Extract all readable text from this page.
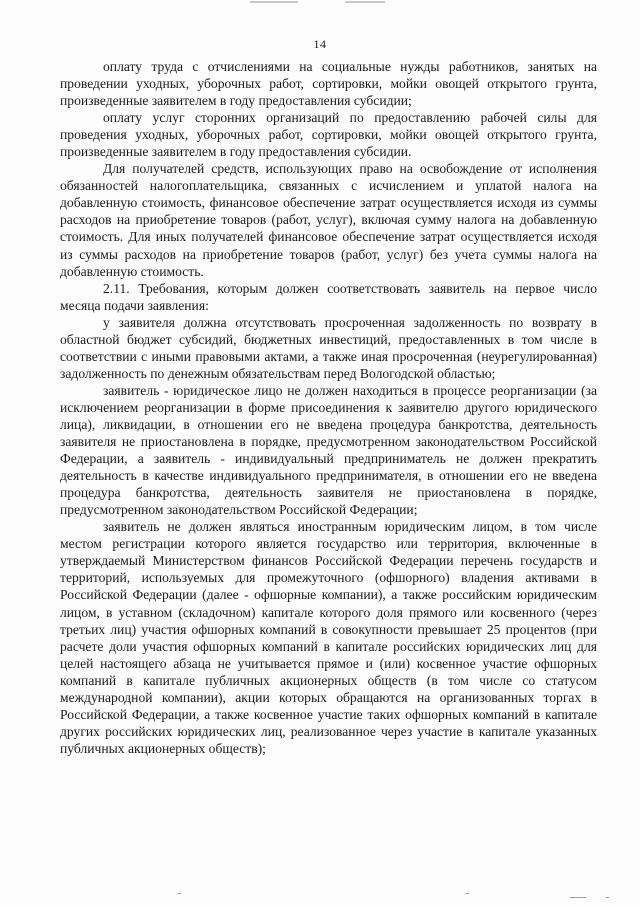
14

оплату труда с отчислениями на социальные нужды работников, занятых на проведении уходных, уборочных работ, сортировки, мойки овощей открытого грунта, произведенные заявителем в году предоставления субсидии;

оплату услуг сторонних организаций по предоставлению рабочей силы для проведения уходных, уборочных работ, сортировки, мойки овощей открытого грунта, произведенные заявителем в году предоставления субсидии.

Для получателей средств, использующих право на освобождение от исполнения обязанностей налогоплательщика, связанных с исчислением и уплатой налога на добавленную стоимость, финансовое обеспечение затрат осуществляется исходя из суммы расходов на приобретение товаров (работ, услуг), включая сумму налога на добавленную стоимость. Для иных получателей финансовое обеспечение затрат осуществляется исходя из суммы расходов на приобретение товаров (работ, услуг) без учета суммы налога на добавленную стоимость.

2.11. Требования, которым должен соответствовать заявитель на первое число месяца подачи заявления:

у заявителя должна отсутствовать просроченная задолженность по возврату в областной бюджет субсидий, бюджетных инвестиций, предоставленных в том числе в соответствии с иными правовыми актами, а также иная просроченная (неурегулированная) задолженность по денежным обязательствам перед Вологодской областью;

заявитель - юридическое лицо не должен находиться в процессе реорганизации (за исключением реорганизации в форме присоединения к заявителю другого юридического лица), ликвидации, в отношении его не введена процедура банкротства, деятельность заявителя не приостановлена в порядке, предусмотренном законодательством Российской Федерации, а заявитель - индивидуальный предприниматель не должен прекратить деятельность в качестве индивидуального предпринимателя, в отношении его не введена процедура банкротства, деятельность заявителя не приостановлена в порядке, предусмотренном законодательством Российской Федерации;

заявитель не должен являться иностранным юридическим лицом, в том числе местом регистрации которого является государство или территория, включенные в утверждаемый Министерством финансов Российской Федерации перечень государств и территорий, используемых для промежуточного (офшорного) владения активами в Российской Федерации (далее - офшорные компании), а также российским юридическим лицом, в уставном (складочном) капитале которого доля прямого или косвенного (через третьих лиц) участия офшорных компаний в совокупности превышает 25 процентов (при расчете доли участия офшорных компаний в капитале российских юридических лиц для целей настоящего абзаца не учитывается прямое и (или) косвенное участие офшорных компаний в капитале публичных акционерных обществ (в том числе со статусом международной компании), акции которых обращаются на организованных торгах в Российской Федерации, а также косвенное участие таких офшорных компаний в капитале других российских юридических лиц, реализованное через участие в капитале указанных публичных акционерных обществ);
